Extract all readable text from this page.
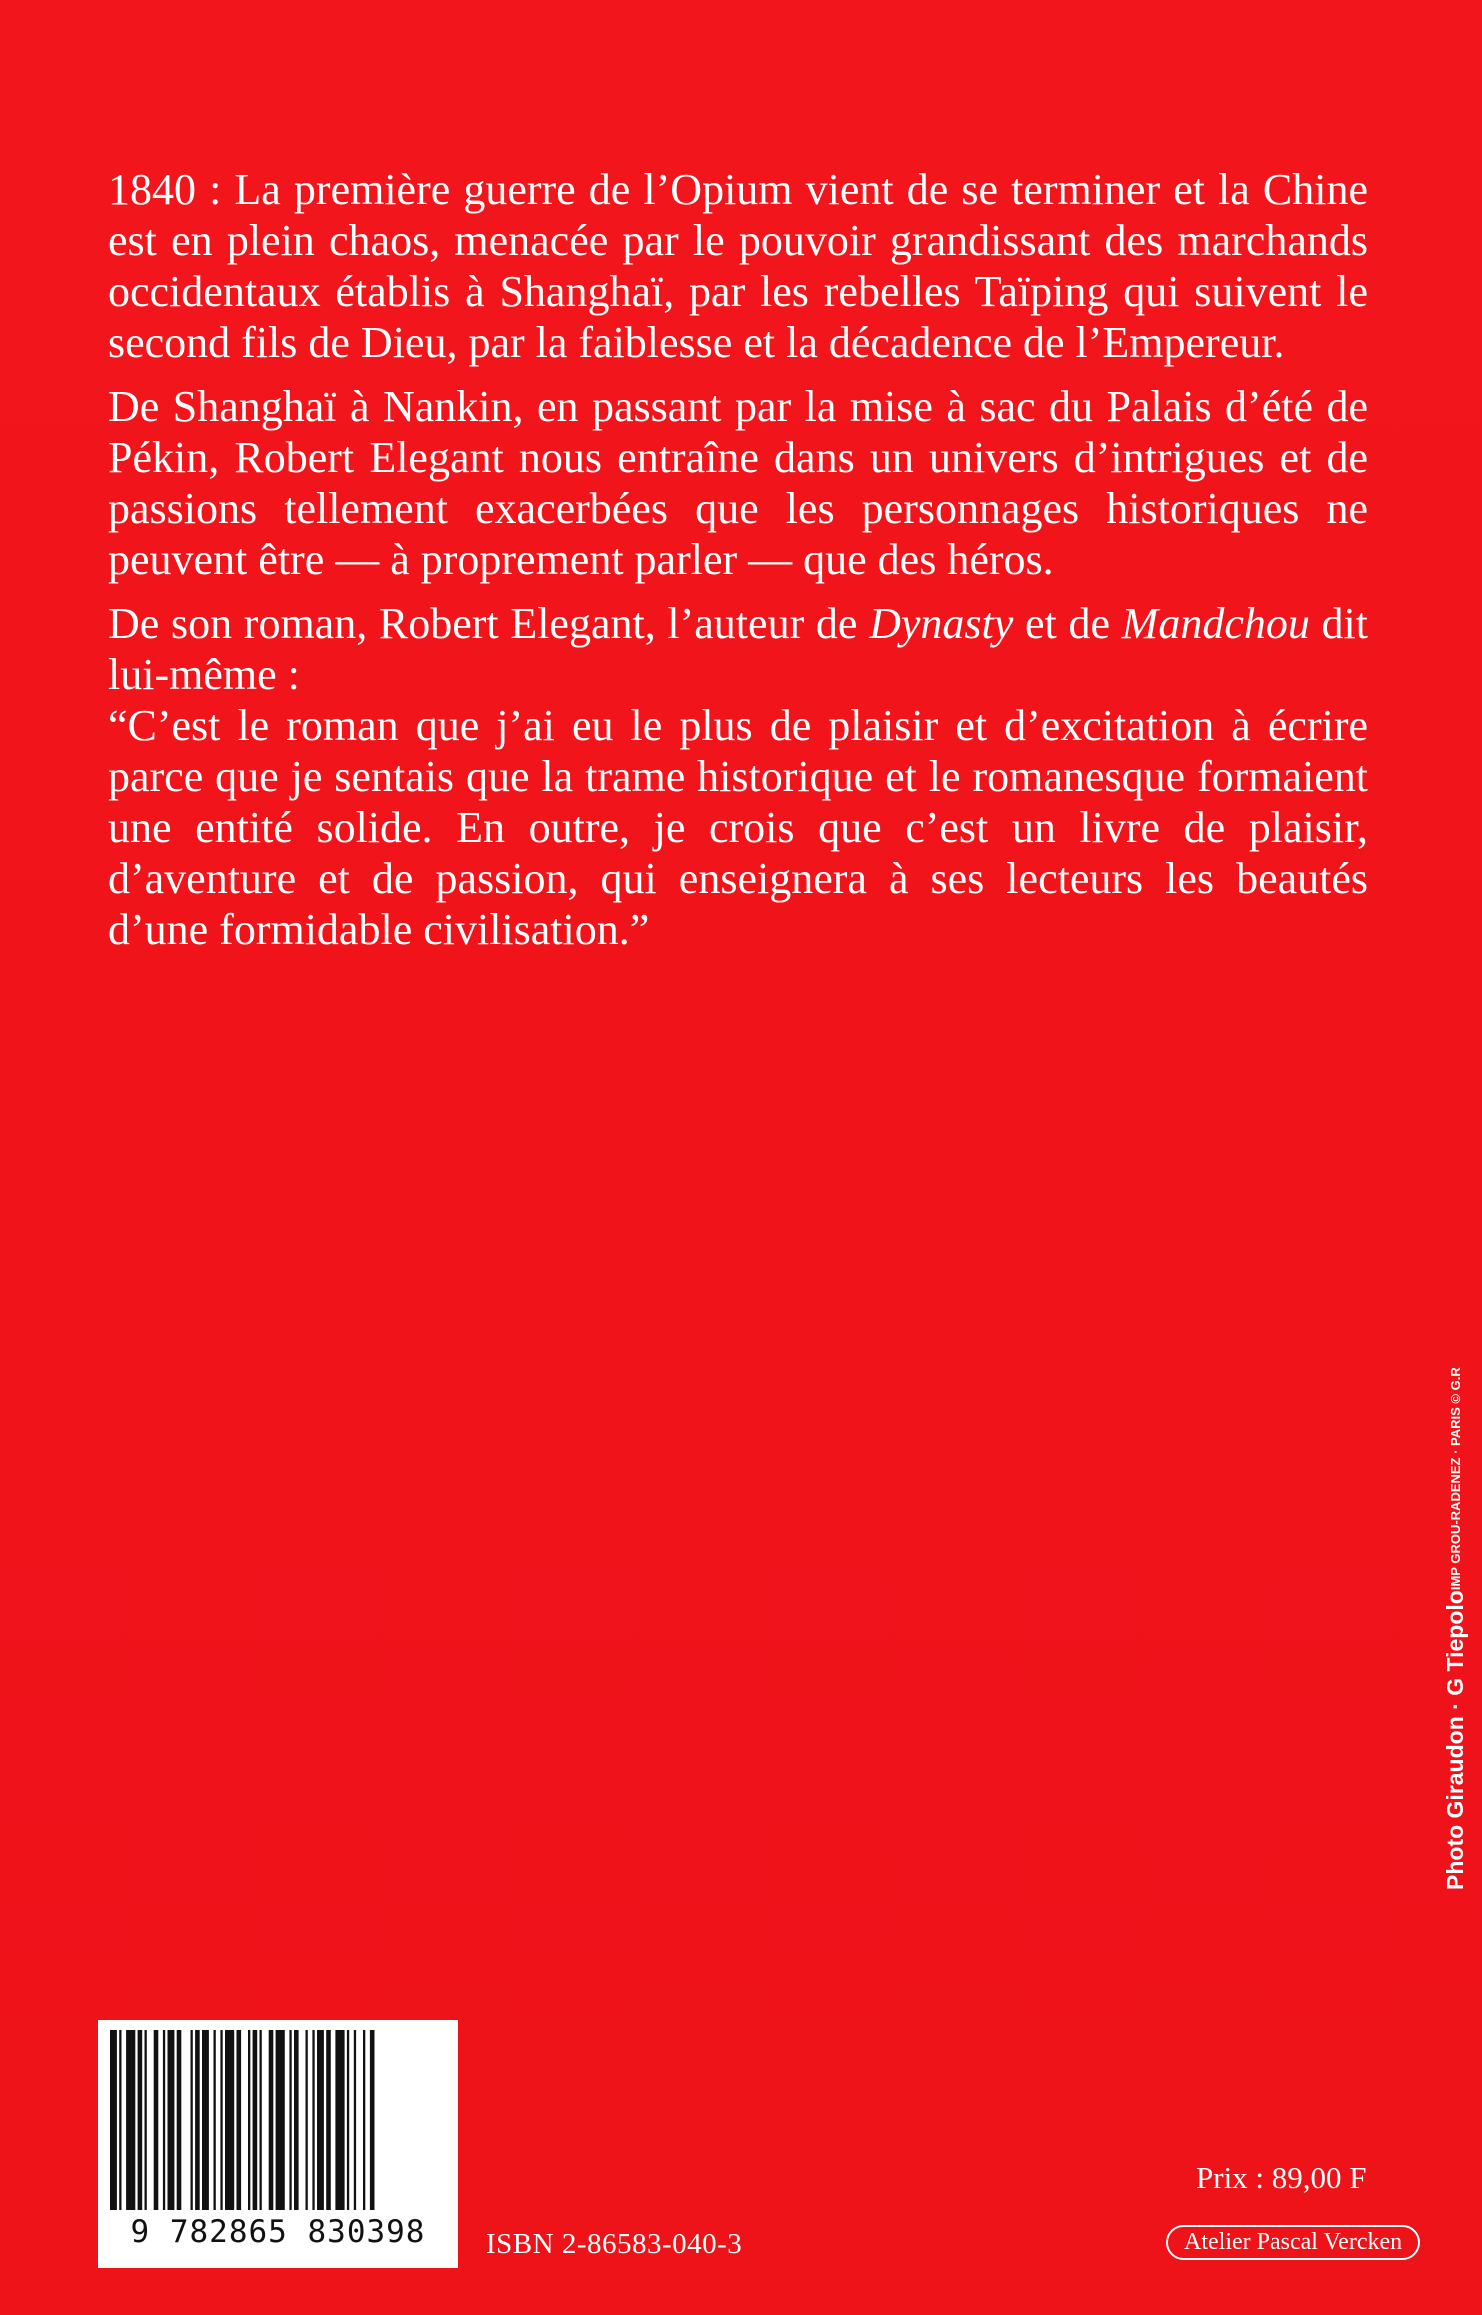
1840 : La première guerre de l’Opium vient de se terminer et la Chine est en plein chaos, menacée par le pouvoir grandissant des marchands occidentaux établis à Shanghaï, par les rebelles Taïping qui suivent le second fils de Dieu, par la faiblesse et la décadence de l’Empereur.

De Shanghaï à Nankin, en passant par la mise à sac du Palais d’été de Pékin, Robert Elegant nous entraîne dans un univers d’intrigues et de passions tellement exacerbées que les personnages historiques ne peuvent être — à proprement parler — que des héros.

De son roman, Robert Elegant, l’auteur de Dynasty et de Mandchou dit lui-même :

“C’est le roman que j’ai eu le plus de plaisir et d’excitation à écrire parce que je sentais que la trame historique et le romanesque formaient une entité solide. En outre, je crois que c’est un livre de plaisir, d’aventure et de passion, qui enseignera à ses lecteurs les beautés d’une formidable civilisation.”

Photo Giraudon · G Tiepolo
IMP GROU-RADENEZ · PARIS © G.R
9 782865 830398	ISBN 2-86583-040-3
Prix : 89,00 F
Atelier Pascal Vercken
